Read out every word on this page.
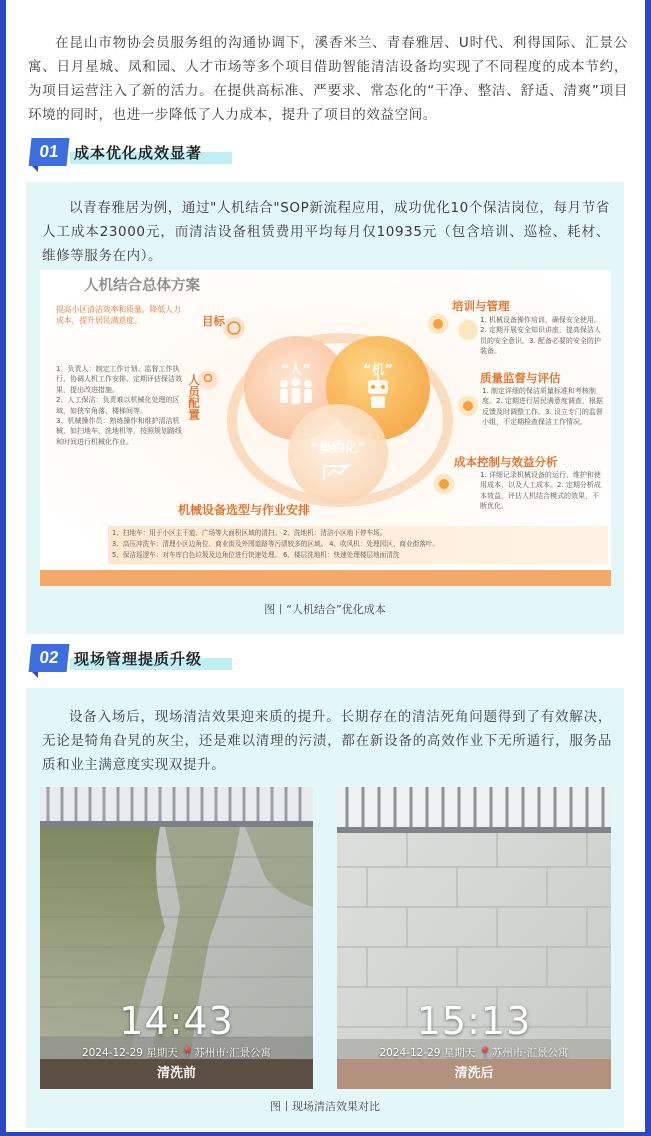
在昆山市物协会员服务组的沟通协调下，溪香米兰、青春雅居、U时代、利得国际、汇景公寓、日月星城、凤和园、人才市场等多个项目借助智能清洁设备均实现了不同程度的成本节约，为项目运营注入了新的活力。在提供高标准、严要求、常态化的“干净、整洁、舒适、清爽”项目环境的同时，也进一步降低了人力成本，提升了项目的效益空间。

01 成本优化成效显著

以青春雅居为例，通过"人机结合"SOP新流程应用，成功优化10个保洁岗位，每月节省人工成本23000元，而清洁设备租赁费用平均每月仅10935元（包含培训、巡检、耗材、维修等服务在内）。

人机结合总体方案
“人”	“机”
“集约化”
目标
提高小区清洁效率和质量，降低人力成本，提升居民满意度。
人员配置
1、负责人：制定工作计划、监督工作执行、协调人机工作安排、定期评估保洁效果，提出改进措施。
2、人工保洁：负责难以机械化处理的区域，如狭窄角落、楼梯间等。
3、机械操作员：熟练操作和维护清洁机械，如扫地车、洗地机等，按照规划路线和时间进行机械化作业。
机械设备选型与作业安排
培训与管理
1. 机械设备操作培训，确保安全使用。2. 定期开展安全知识讲座，提高保洁人员的安全意识。3. 配备必要的安全防护装备。
质量监督与评估
1. 制定详细的保洁质量标准和考核制度。2. 定期进行居民满意度调查，根据反馈及时调整工作。3. 设立专门的监督小组，不定期检查保洁工作情况。
成本控制与效益分析
1. 详细记录机械设备的运行、维护和使用成本，以及人工成本。2. 定期分析成本效益，评估人机结合模式的效果，不断优化。
1、扫地车：用于小区主干道、广场等大面积区域的清扫。 2、洗地机：清洁小区地下停车场。
3、高压冲洗车：清理小区边角位、商业街及外围道路等污渍较多的区域。 4、吹风机：处理园区、商业街落叶。
5、保洁巡逻车：对车库白色垃圾及边角位进行快速处理。 6、楼层洗地机：快速处理楼层地面清洗
图丨“人机结合”优化成本
02 现场管理提质升级

设备入场后，现场清洁效果迎来质的提升。长期存在的清洁死角问题得到了有效解决，无论是犄角旮旯的灰尘，还是难以清理的污渍，都在新设备的高效作业下无所遁行，服务品质和业主满意度实现双提升。

14:43
2024-12-29 星期天 📍苏州市·汇景公寓
清洗前
15:13
2024-12-29 星期天 📍苏州市·汇景公寓
清洗后
图丨现场清洁效果对比
